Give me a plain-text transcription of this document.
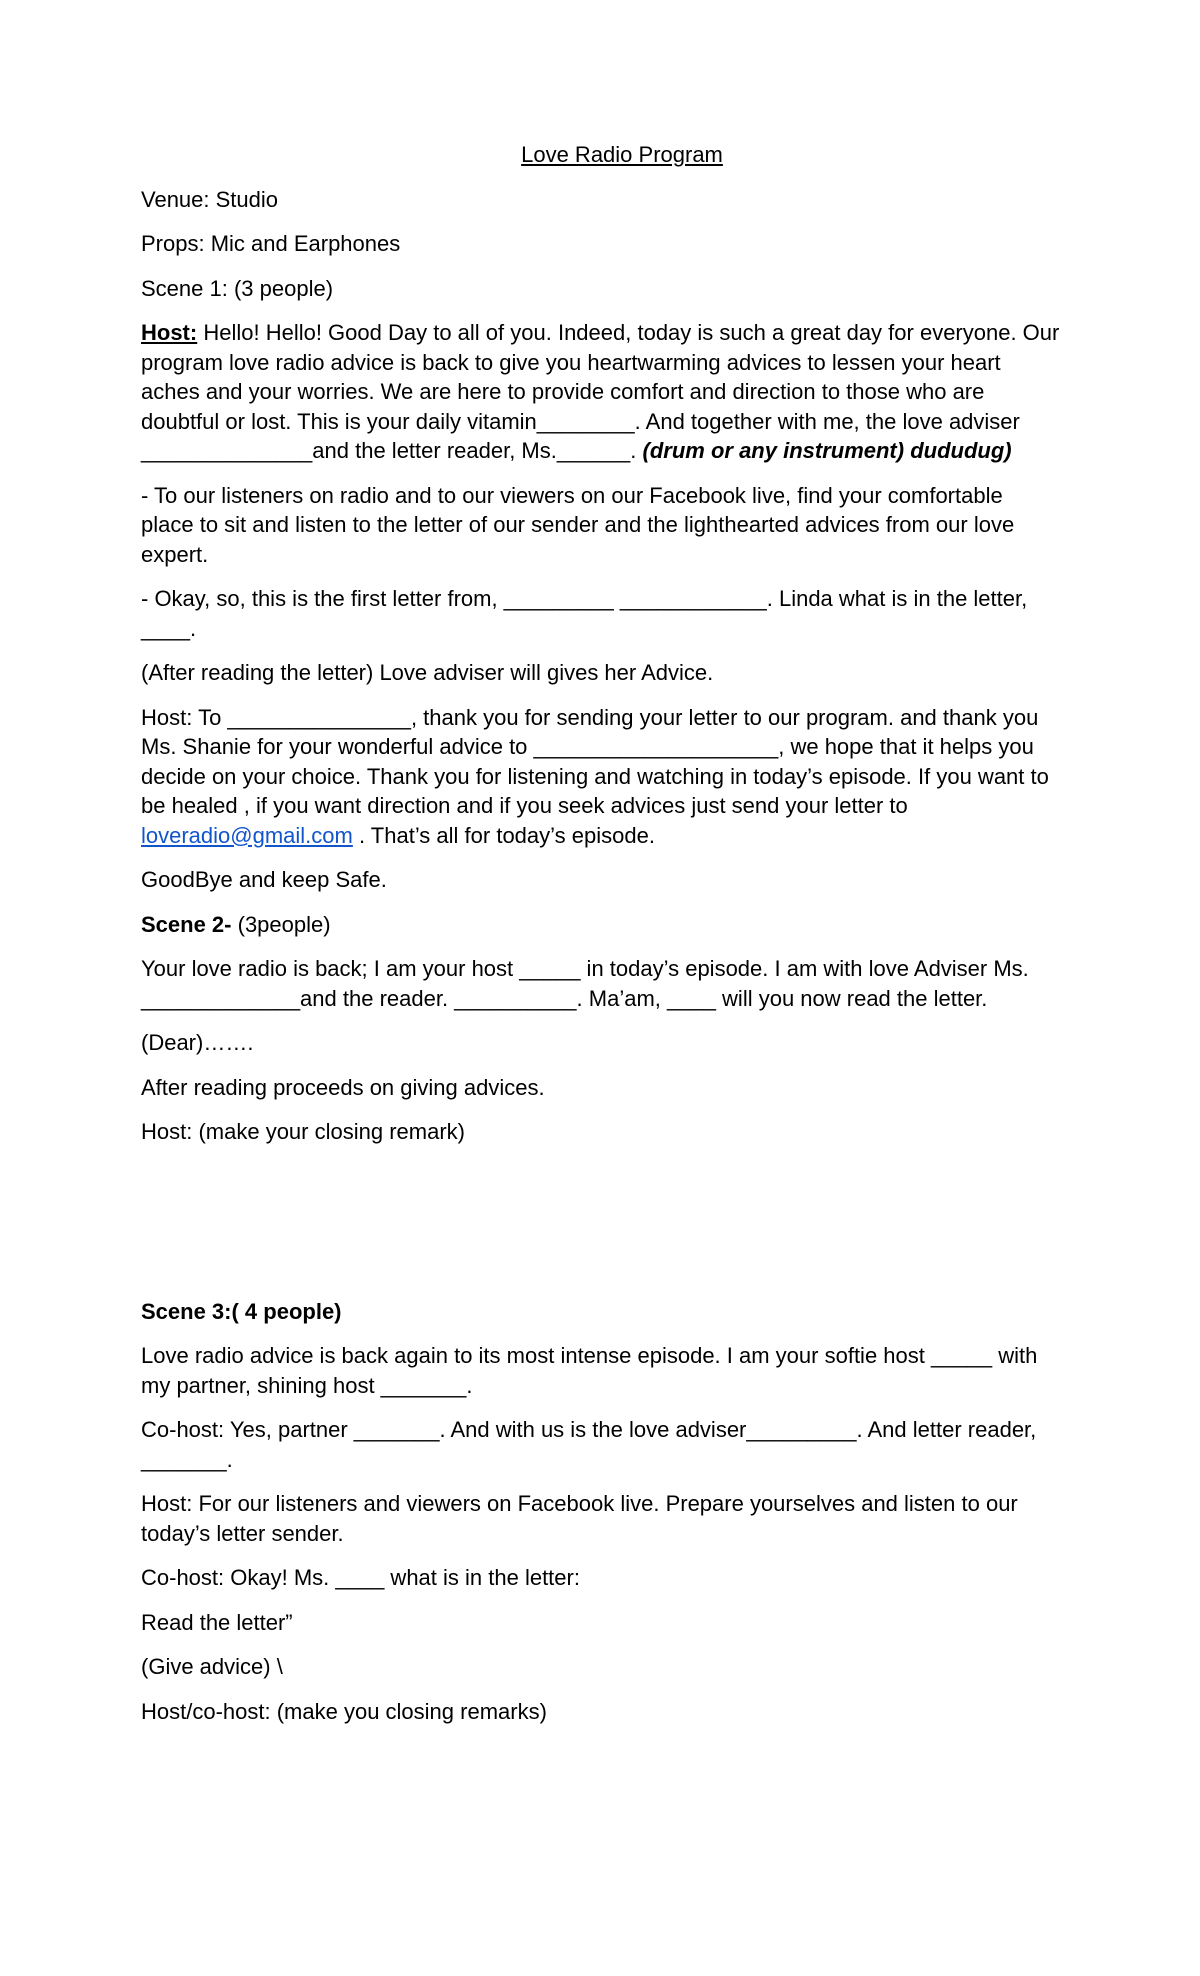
Love Radio Program

Venue: Studio

Props: Mic and Earphones

Scene 1: (3 people)

Host: Hello! Hello! Good Day to all of you. Indeed, today is such a great day for everyone. Our program love radio advice is back to give you heartwarming advices to lessen your heart aches and your worries. We are here to provide comfort and direction to those who are doubtful or lost. This is your daily vitamin________. And together with me, the love adviser ______________and the letter reader, Ms.______. (drum or any instrument) dududug)

- To our listeners on radio and to our viewers on our Facebook live, find your comfortable place to sit and listen to the letter of our sender and the lighthearted advices from our love expert.

- Okay, so, this is the first letter from, _________ ____________. Linda what is in the letter, ____.

(After reading the letter) Love adviser will gives her Advice.

Host: To _______________, thank you for sending your letter to our program. and thank you Ms. Shanie for your wonderful advice to ____________________, we hope that it helps you decide on your choice. Thank you for listening and watching in today’s episode. If you want to be healed , if you want direction and if you seek advices just send your letter to loveradio@gmail.com . That’s all for today’s episode.

GoodBye and keep Safe.

Scene 2- (3people)

Your love radio is back; I am your host _____ in today’s episode. I am with love Adviser Ms. _____________and the reader. __________. Ma’am, ____ will you now read the letter.

(Dear)…….

After reading proceeds on giving advices.

Host: (make your closing remark)

Scene 3:( 4 people)

Love radio advice is back again to its most intense episode. I am your softie host _____ with my partner, shining host _______.

Co-host: Yes, partner _______. And with us is the love adviser_________. And letter reader, _______.

Host: For our listeners and viewers on Facebook live. Prepare yourselves and listen to our today’s letter sender.

Co-host: Okay! Ms. ____ what is in the letter:

Read the letter”

(Give advice) \

Host/co-host: (make you closing remarks)
